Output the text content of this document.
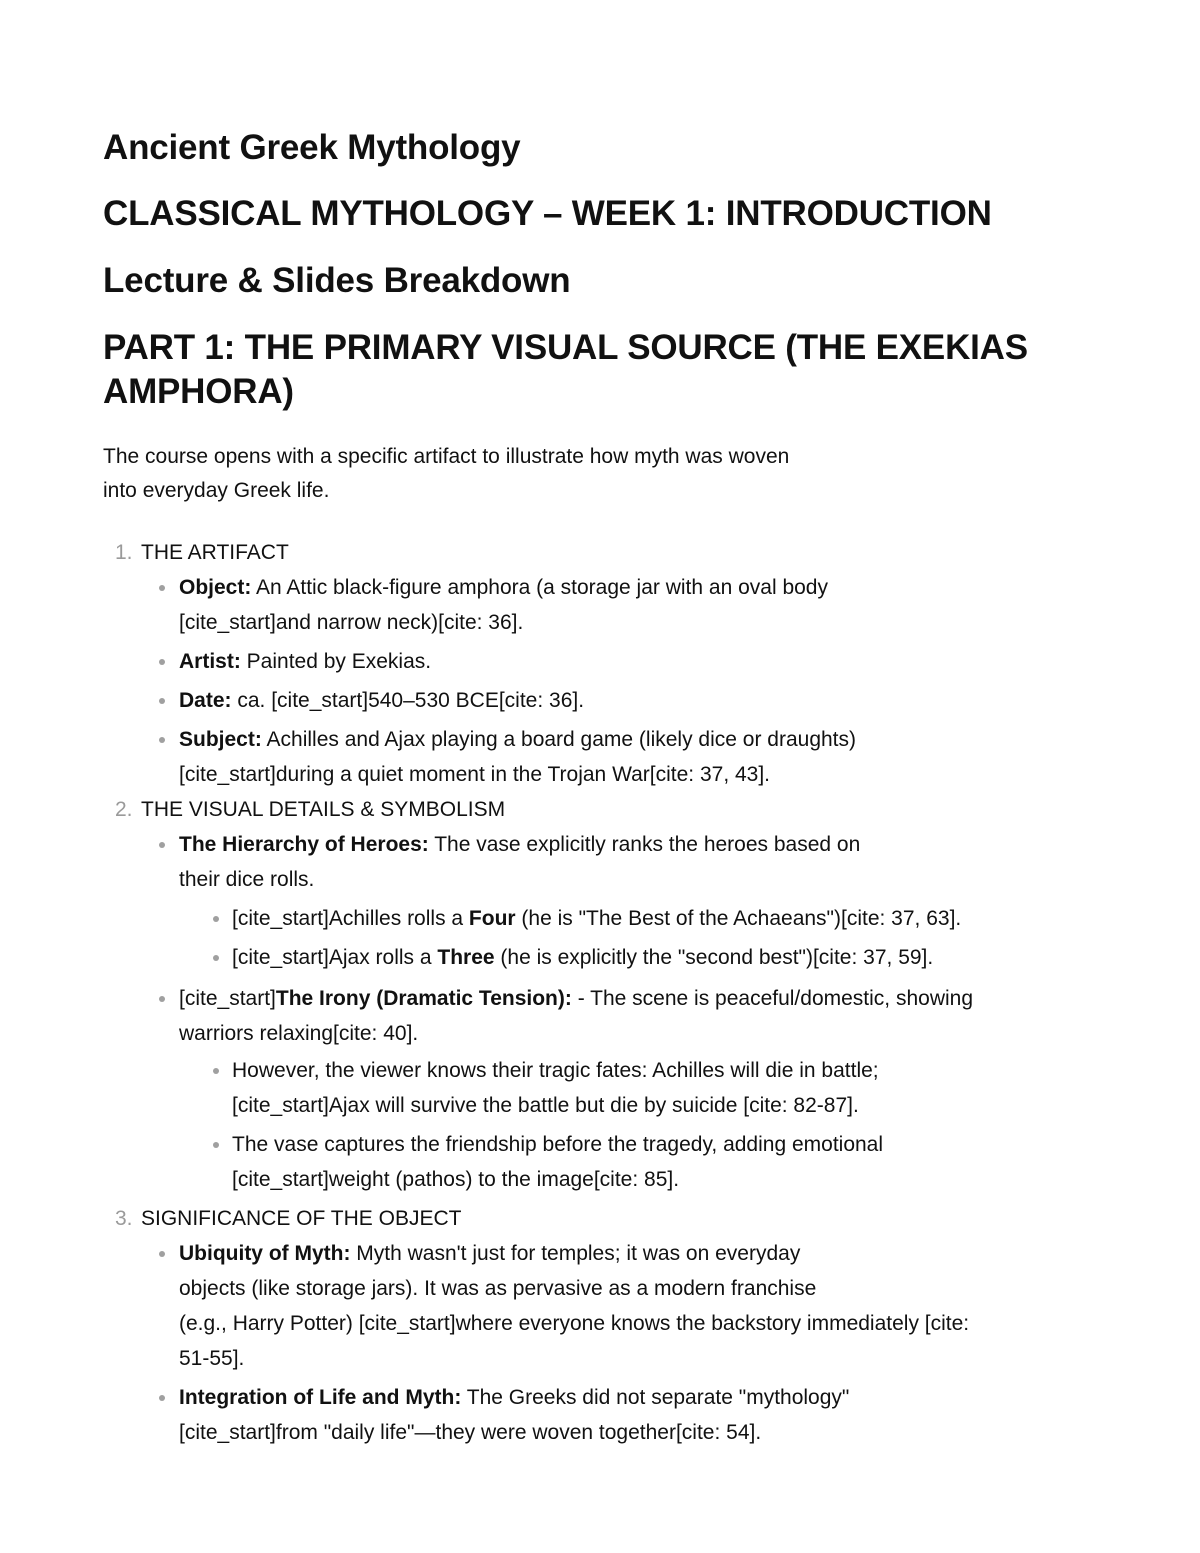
Ancient Greek Mythology
CLASSICAL MYTHOLOGY – WEEK 1: INTRODUCTION
Lecture & Slides Breakdown
PART 1: THE PRIMARY VISUAL SOURCE (THE EXEKIAS AMPHORA)
The course opens with a specific artifact to illustrate how myth was woven
into everyday Greek life.
1. THE ARTIFACT
Object: An Attic black-figure amphora (a storage jar with an oval body
[cite_start]and narrow neck)[cite: 36].
Artist: Painted by Exekias.
Date: ca. [cite_start]540–530 BCE[cite: 36].
Subject: Achilles and Ajax playing a board game (likely dice or draughts)
[cite_start]during a quiet moment in the Trojan War[cite: 37, 43].
2. THE VISUAL DETAILS & SYMBOLISM
The Hierarchy of Heroes: The vase explicitly ranks the heroes based on
their dice rolls.
[cite_start]Achilles rolls a Four (he is "The Best of the Achaeans")[cite: 37, 63].
[cite_start]Ajax rolls a Three (he is explicitly the "second best")[cite: 37, 59].
[cite_start]The Irony (Dramatic Tension): - The scene is peaceful/domestic, showing
warriors relaxing[cite: 40].
However, the viewer knows their tragic fates: Achilles will die in battle;
[cite_start]Ajax will survive the battle but die by suicide [cite: 82-87].
The vase captures the friendship before the tragedy, adding emotional
[cite_start]weight (pathos) to the image[cite: 85].
3. SIGNIFICANCE OF THE OBJECT
Ubiquity of Myth: Myth wasn't just for temples; it was on everyday
objects (like storage jars). It was as pervasive as a modern franchise
(e.g., Harry Potter) [cite_start]where everyone knows the backstory immediately [cite:
51-55].
Integration of Life and Myth: The Greeks did not separate "mythology"
[cite_start]from "daily life"—they were woven together[cite: 54].
